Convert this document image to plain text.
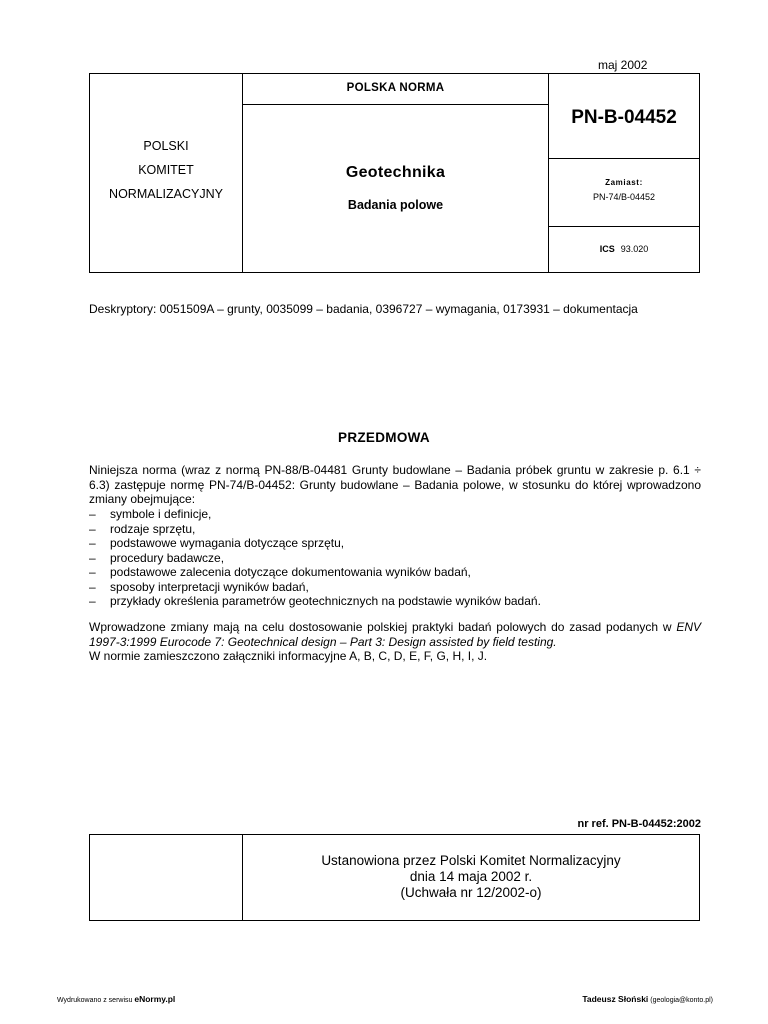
maj 2002
POLSKI
KOMITET
NORMALIZACYJNY
POLSKA NORMA
Geotechnika
Badania polowe
PN-B-04452
Zamiast:
PN-74/B-04452
ICS 93.020
Deskryptory: 0051509A – grunty, 0035099 – badania, 0396727 – wymagania, 0173931 – dokumentacja
PRZEDMOWA
Niniejsza norma (wraz z normą PN-88/B-04481 Grunty budowlane – Badania próbek gruntu w zakresie p. 6.1 ÷ 6.3) zastępuje normę PN-74/B-04452: Grunty budowlane – Badania polowe, w stosunku do której wprowadzono zmiany obejmujące:
– symbole i definicje,
– rodzaje sprzętu,
– podstawowe wymagania dotyczące sprzętu,
– procedury badawcze,
– podstawowe zalecenia dotyczące dokumentowania wyników badań,
– sposoby interpretacji wyników badań,
– przykłady określenia parametrów geotechnicznych na podstawie wyników badań.
Wprowadzone zmiany mają na celu dostosowanie polskiej praktyki badań polowych do zasad podanych w ENV 1997-3:1999 Eurocode 7: Geotechnical design – Part 3: Design assisted by field testing.
W normie zamieszczono załączniki informacyjne A, B, C, D, E, F, G, H, I, J.
nr ref. PN-B-04452:2002
Ustanowiona przez Polski Komitet Normalizacyjny
dnia 14 maja 2002 r.
(Uchwała nr 12/2002-o)
Wydrukowano z serwisu eNormy.pl	Tadeusz Słoński (geologia@konto.pl)
